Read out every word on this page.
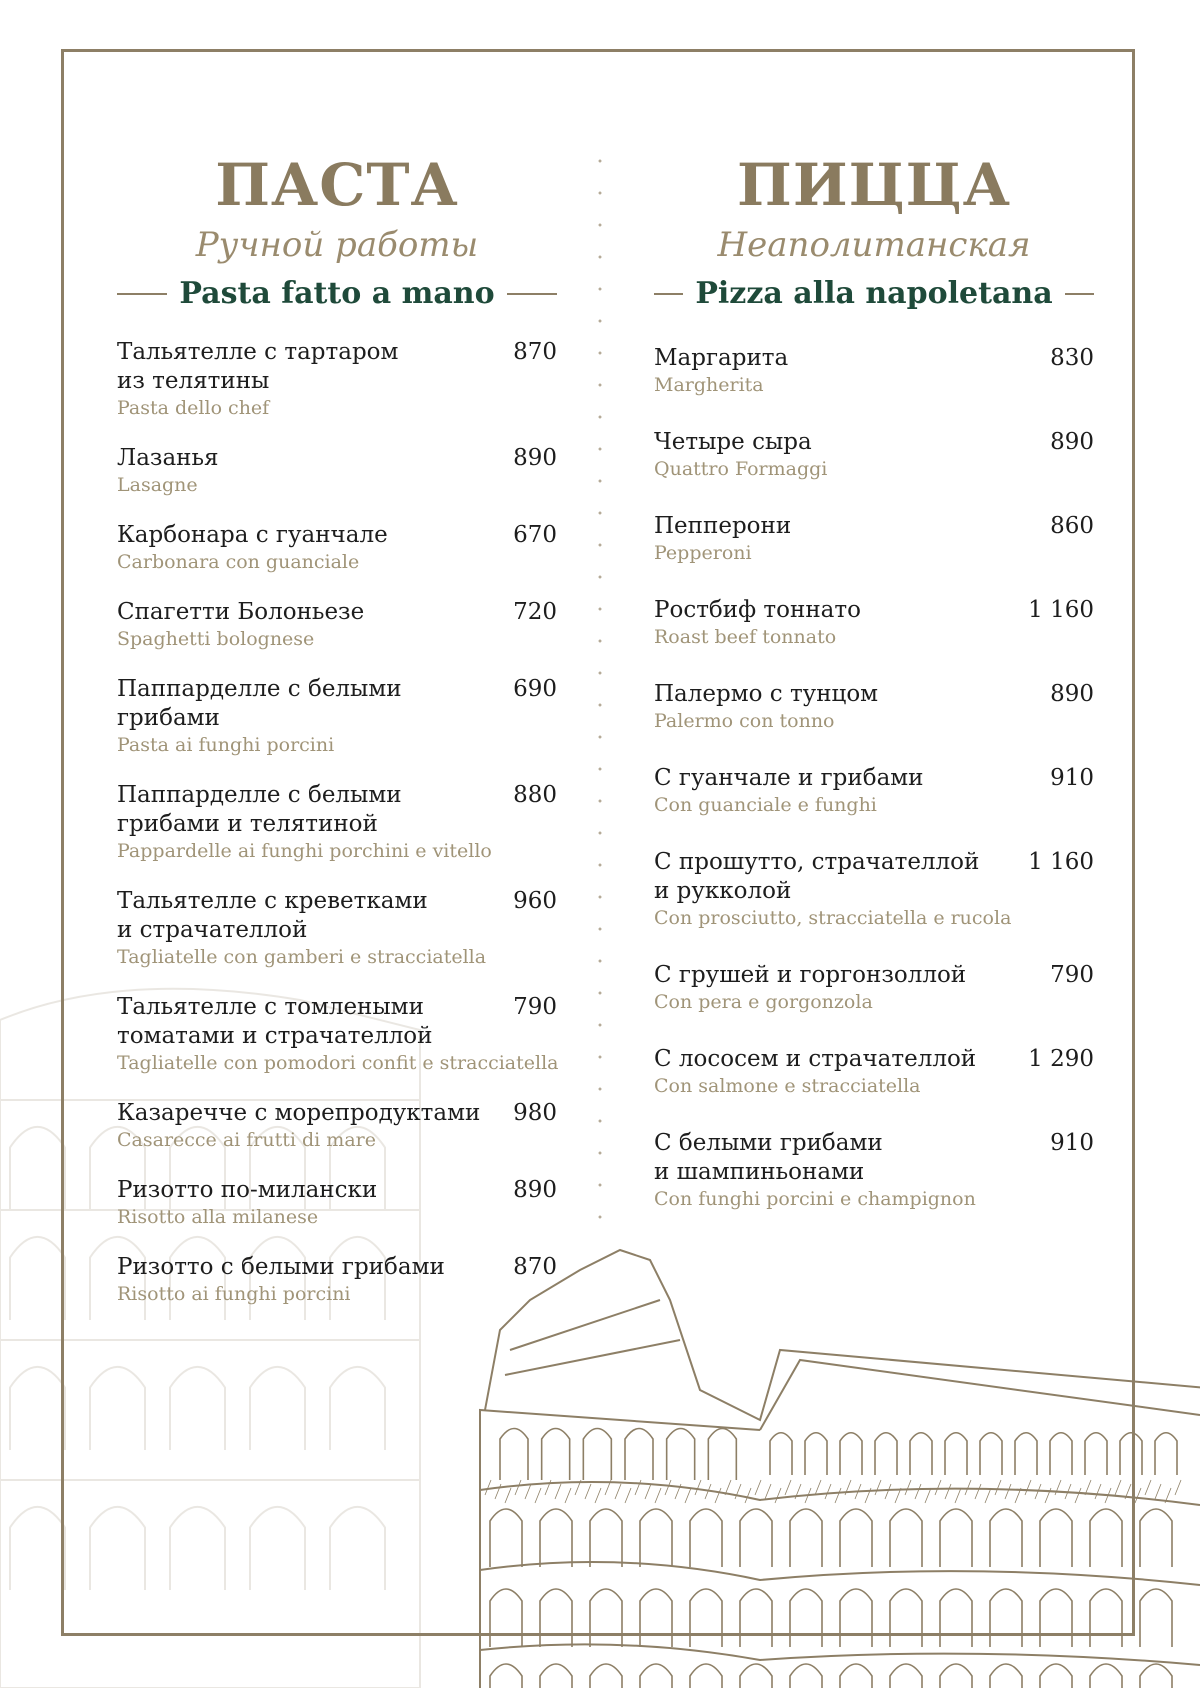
ПАСТА
Ручной работы
Pasta fatto a mano
Тальятелле с тартаром
из телятины
Pasta dello chef
870
Лазанья
Lasagne
890
Карбонара с гуанчале
Carbonara con guanciale
670
Спагетти Болоньезе
Spaghetti bolognese
720
Паппарделле с белыми грибами
Pasta ai funghi porcini
690
Паппарделле с белыми
грибами и телятиной
Pappardelle ai funghi porchini e vitello
880
Тальятелле с креветками
и страчателлой
Tagliatelle con gamberi e stracciatella
960
Тальятелле с томлеными
томатами и страчателлой
Tagliatelle con pomodori confit e stracciatella
790
Казаречче с морепродуктами
Casarecce ai frutti di mare
980
Ризотто по-милански
Risotto alla milanese
890
Ризотто с белыми грибами
Risotto ai funghi porcini
870
ПИЦЦА
Неаполитанская
Pizza alla napoletana
Маргарита
Margherita
830
Четыре сыра
Quattro Formaggi
890
Пепперони
Pepperoni
860
Ростбиф тоннато
Roast beef tonnato
1 160
Палермо с тунцом
Palermo con tonno
890
С гуанчале и грибами
Con guanciale e funghi
910
С прошутто, страчателлой
и рукколой
Con prosciutto, stracciatella e rucola
1 160
С грушей и горгонзоллой
Con pera e gorgonzola
790
С лососем и страчателлой
Con salmone e stracciatella
1 290
С белыми грибами
и шампиньонами
Con funghi porcini e champignon
910
